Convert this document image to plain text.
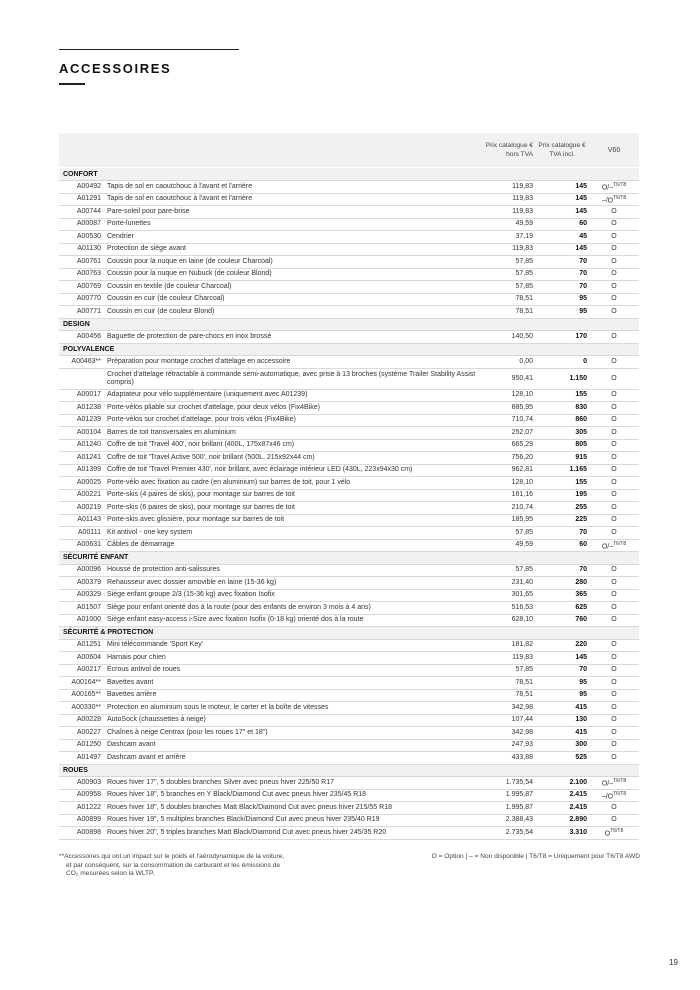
ACCESSOIRES
		Prix catalogue € hors TVA	Prix catalogue € TVA incl.	V60

CONFORT				
A00492	Tapis de sol en caoutchouc à l'avant et l'arrière	119,83	145	O/–$^{T6/T8}$
A01291	Tapis de sol en caoutchouc à l'avant et l'arrière	119,83	145	$-/O^{T6/T8}$
A00744	Pare-soleil pour pare-brise	119,83	145	O
A00087	Porte-lunettes	49,59	60	O
A00530	Cendrier	37,19	45	O
A01130	Protection de siège avant	119,83	145	O
A00761	Coussin pour la nuque en laine (de couleur Charcoal)	57,85	70	O
A00763	Coussin pour la nuque en Nubuck (de couleur Blond)	57,85	70	O
A00769	Coussin en textile (de couleur Charcoal)	57,85	70	O
A00770	Coussin en cuir (de couleur Charcoal)	78,51	95	O
A00771	Coussin en cuir (de couleur Blond)	78,51	95	O
DESIGN				
A00456	Baguette de protection de pare-chocs en inox brossé	140,50	170	O
POLYVALENCE				
A00463**	Préparation pour montage crochet d'attelage en accessoire	0,00	0	O
	Crochet d'attelage rétractable à commande semi-automatique, avec prise à 13 broches (système Trailer Stability Assist compris)	950,41	1.150	O
A00017	Adaptateur pour vélo supplémentaire (uniquement avec A01239)	128,10	155	O
A01238	Porte-vélos pliable sur crochet d'attelage, pour deux vélos (Fix4Bike)	685,95	830	O
A01239	Porte-vélos sur crochet d'attelage, pour trois vélos (Fix4Bike)	710,74	860	O
A00104	Barres de toit transversales en aluminium	252,07	305	O
A01240	Coffre de toit 'Travel 400', noir brillant (400L, 175x87x46 cm)	665,29	805	O
A01241	Coffre de toit 'Travel Active 500', noir brillant (500L, 215x92x44 cm)	756,20	915	O
A01399	Coffre de toit 'Travel Premier 430', noir brillant, avec éclairage intérieur LED (430L, 223x94x30 cm)	962,81	1.165	O
A00025	Porte-vélo avec fixation au cadre (en aluminium) sur barres de toit, pour 1 vélo	128,10	155	O
A00221	Porte-skis (4 paires de skis), pour montage sur barres de toit	161,16	195	O
A00219	Porte-skis (6 paires de skis), pour montage sur barres de toit	210,74	255	O
A01143	Porte-skis avec glissière, pour montage sur barres de toit	185,95	225	O
A00111	Kit antivol - one key system	57,85	70	O
A00631	Câbles de démarrage	49,59	60	O/–$^{T6/T8}$
SÉCURITÉ ENFANT				
A00096	Housse de protection anti-salissures	57,85	70	O
A00379	Rehausseur avec dossier amovible en laine (15-36 kg)	231,40	280	O
A00329	Siège enfant groupe 2/3 (15-36 kg) avec fixation Isofix	301,65	365	O
A01507	Siège pour enfant orienté dos à la route (pour des enfants de environ 3 mois à 4 ans)	516,53	625	O
A01000	Siège enfant easy-access i-Size avec fixation Isofix (0-18 kg) orienté dos à la route	628,10	760	O
SÉCURITÉ & PROTECTION				
A01251	Mini télécommande 'Sport Key'	181,82	220	O
A00604	Harnais pour chien	119,83	145	O
A00217	Écrous antivol de roues	57,85	70	O
A00164**	Bavettes avant	78,51	95	O
A00165**	Bavettes arrière	78,51	95	O
A00330**	Protection en aluminium sous le moteur, le carter et la boîte de vitesses	342,98	415	O
A00228	AutoSock (chaussettes à neige)	107,44	130	O
A00227	Chaînes à neige Centrax (pour les roues 17" et 18")	342,98	415	O
A01250	Dashcam avant	247,93	300	O
A01497	Dashcam avant et arrière	433,88	525	O
ROUES				
A00903	Roues hiver 17", 5 doubles branches Silver avec pneus hiver 225/50 R17	1.735,54	2.100	O/–$^{T6/T8}$
A00958	Roues hiver 18", 5 branches en Y Black/Diamond Cut avec pneus hiver 235/45 R18	1.995,87	2.415	$-/O^{T6/T8}$
A01222	Roues hiver 18", 5 doubles branches Matt Black/Diamond Cut avec pneus hiver 215/55 R18	1.995,87	2.415	O
A00899	Roues hiver 19", 5 multiples branches Black/Diamond Cut avec pneus hiver 235/40 R19	2.388,43	2.890	O
A00898	Roues hiver 20", 5 triples branches Matt Black/Diamond Cut avec pneus hiver 245/35 R20	2.735,54	3.310	$O^{T6/T8}$
**Accessoires qui ont un impact sur le poids et l'aérodynamique de la voiture,
et par conséquent, sur la consommation de carburant et les émissions de
CO₂ mesurées selon la WLTP.
O = Option | – = Non disponible | T6/T8 = Uniquement pour T6/T8 AWD
19
